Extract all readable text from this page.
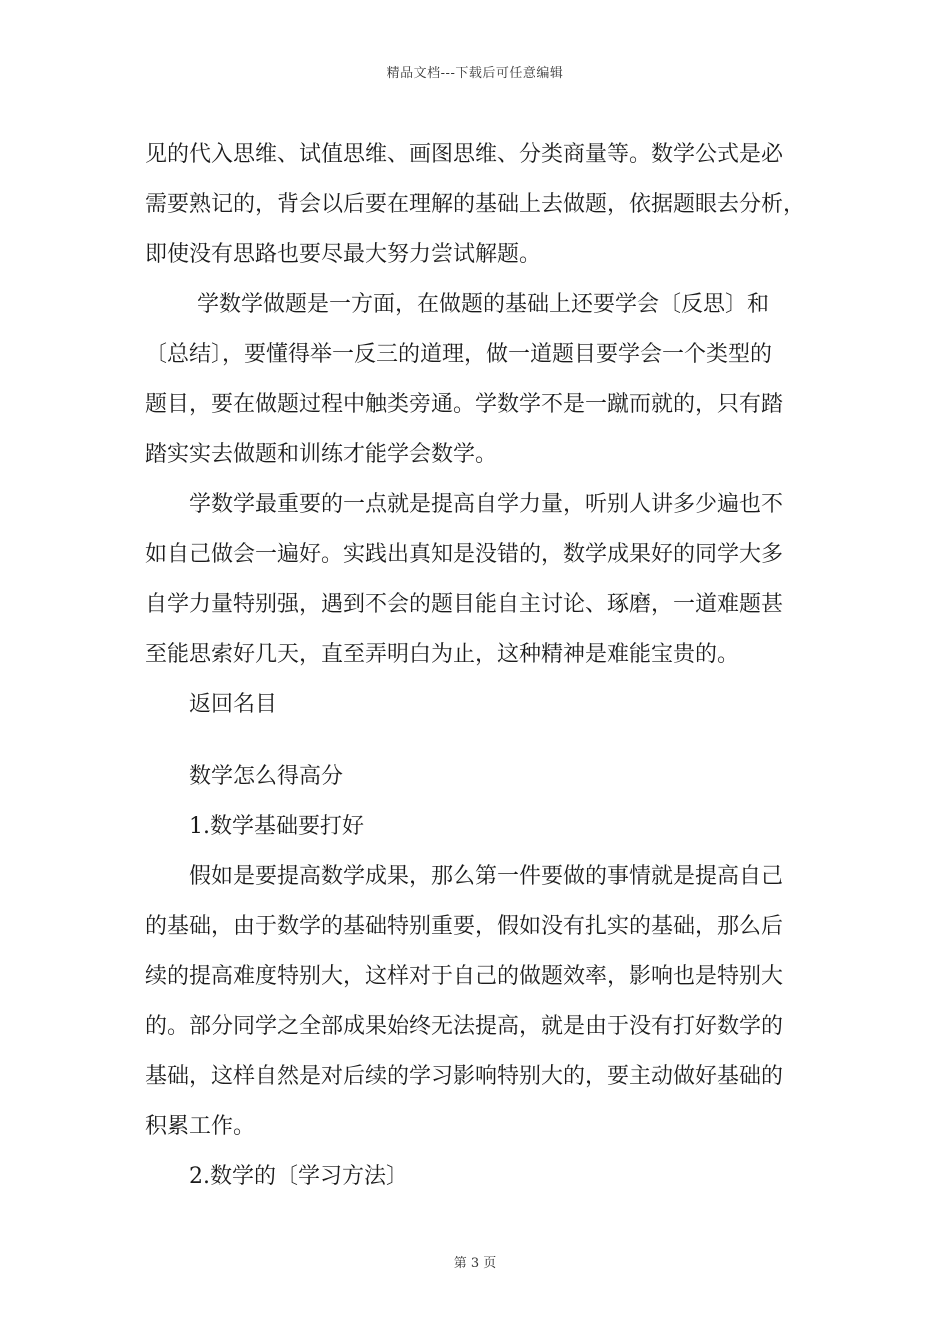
精品文档---下载后可任意编辑
见的代入思维、试值思维、画图思维、分类商量等。数学公式是必
需要熟记的，背会以后要在理解的基础上去做题，依据题眼去分析，
即使没有思路也要尽最大努力尝试解题。
学数学做题是一方面，在做题的基础上还要学会〔反思〕和
〔总结〕，要懂得举一反三的道理，做一道题目要学会一个类型的
题目，要在做题过程中触类旁通。学数学不是一蹴而就的，只有踏
踏实实去做题和训练才能学会数学。
学数学最重要的一点就是提高自学力量，听别人讲多少遍也不
如自己做会一遍好。实践出真知是没错的，数学成果好的同学大多
自学力量特别强，遇到不会的题目能自主讨论、琢磨，一道难题甚
至能思索好几天，直至弄明白为止，这种精神是难能宝贵的。
返回名目
数学怎么得高分
1.数学基础要打好
假如是要提高数学成果，那么第一件要做的事情就是提高自己
的基础，由于数学的基础特别重要，假如没有扎实的基础，那么后
续的提高难度特别大，这样对于自己的做题效率，影响也是特别大
的。部分同学之全部成果始终无法提高，就是由于没有打好数学的
基础，这样自然是对后续的学习影响特别大的，要主动做好基础的
积累工作。
2.数学的〔学习方法〕
第 3 页
